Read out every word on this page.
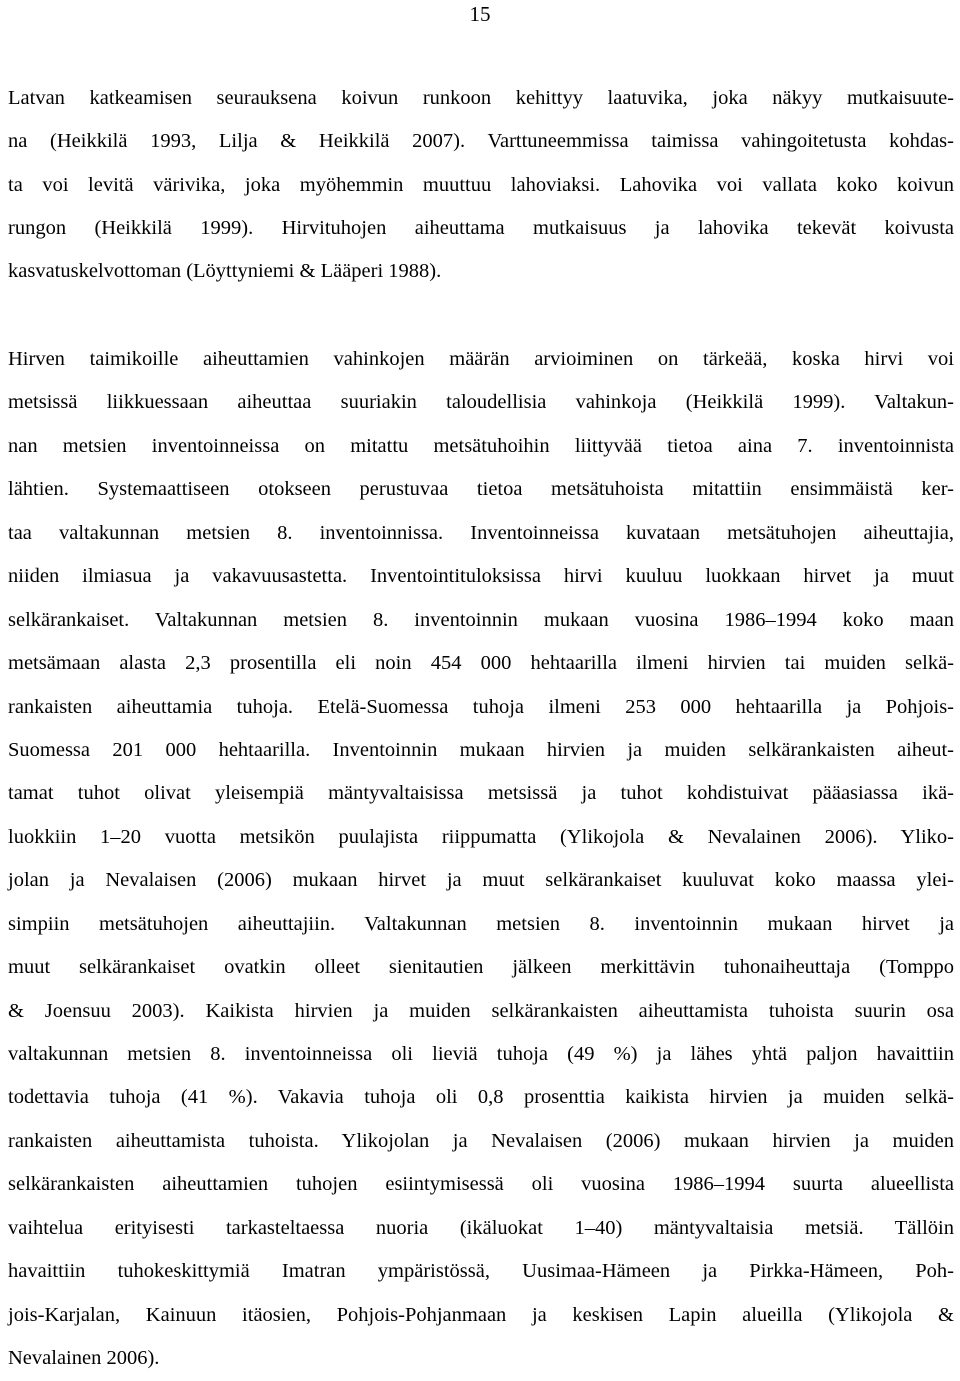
15
Latvan katkeamisen seurauksena koivun runkoon kehittyy laatuvika, joka näkyy mutkaisuute-
na (Heikkilä 1993, Lilja & Heikkilä 2007). Varttuneemmissa taimissa vahingoitetusta kohdas-
ta voi levitä värivika, joka myöhemmin muuttuu lahoviaksi. Lahovika voi vallata koko koivun
rungon (Heikkilä 1999). Hirvituhojen aiheuttama mutkaisuus ja lahovika tekevät koivusta
kasvatuskelvottoman (Löyttyniemi & Lääperi 1988).
Hirven taimikoille aiheuttamien vahinkojen määrän arvioiminen on tärkeää, koska hirvi voi
metsissä liikkuessaan aiheuttaa suuriakin taloudellisia vahinkoja (Heikkilä 1999). Valtakun-
nan metsien inventoinneissa on mitattu metsätuhoihin liittyvää tietoa aina 7. inventoinnista
lähtien. Systemaattiseen otokseen perustuvaa tietoa metsätuhoista mitattiin ensimmäistä ker-
taa valtakunnan metsien 8. inventoinnissa. Inventoinneissa kuvataan metsätuhojen aiheuttajia,
niiden ilmiasua ja vakavuusastetta. Inventointituloksissa hirvi kuuluu luokkaan hirvet ja muut
selkärankaiset. Valtakunnan metsien 8. inventoinnin mukaan vuosina 1986–1994 koko maan
metsämaan alasta 2,3 prosentilla eli noin 454 000 hehtaarilla ilmeni hirvien tai muiden selkä-
rankaisten aiheuttamia tuhoja. Etelä-Suomessa tuhoja ilmeni 253 000 hehtaarilla ja Pohjois-
Suomessa 201 000 hehtaarilla. Inventoinnin mukaan hirvien ja muiden selkärankaisten aiheut-
tamat tuhot olivat yleisempiä mäntyvaltaisissa metsissä ja tuhot kohdistuivat pääasiassa ikä-
luokkiin 1–20 vuotta metsikön puulajista riippumatta (Ylikojola & Nevalainen 2006). Yliko-
jolan ja Nevalaisen (2006) mukaan hirvet ja muut selkärankaiset kuuluvat koko maassa ylei-
simpiin metsätuhojen aiheuttajiin. Valtakunnan metsien 8. inventoinnin mukaan hirvet ja
muut selkärankaiset ovatkin olleet sienitautien jälkeen merkittävin tuhonaiheuttaja (Tomppo
& Joensuu 2003). Kaikista hirvien ja muiden selkärankaisten aiheuttamista tuhoista suurin osa
valtakunnan metsien 8. inventoinneissa oli lieviä tuhoja (49 %) ja lähes yhtä paljon havaittiin
todettavia tuhoja (41 %). Vakavia tuhoja oli 0,8 prosenttia kaikista hirvien ja muiden selkä-
rankaisten aiheuttamista tuhoista. Ylikojolan ja Nevalaisen (2006) mukaan hirvien ja muiden
selkärankaisten aiheuttamien tuhojen esiintymisessä oli vuosina 1986–1994 suurta alueellista
vaihtelua erityisesti tarkasteltaessa nuoria (ikäluokat 1–40) mäntyvaltaisia metsiä. Tällöin
havaittiin tuhokeskittymiä Imatran ympäristössä, Uusimaa-Hämeen ja Pirkka-Hämeen, Poh-
jois-Karjalan, Kainuun itäosien, Pohjois-Pohjanmaan ja keskisen Lapin alueilla (Ylikojola &
Nevalainen 2006).
